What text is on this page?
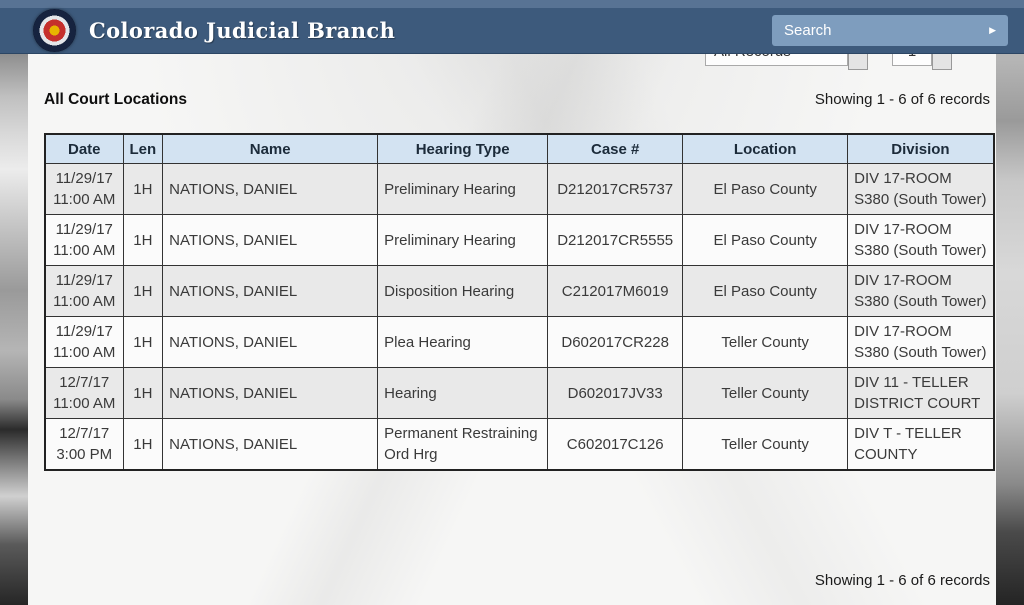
Colorado Judicial Branch	Search	▶
All Court Locations	Showing 1 - 6 of 6 records
Date	Len	Name	Hearing Type	Case #	Location	Division

11/29/17
11:00 AM	1H	NATIONS, DANIEL	Preliminary Hearing	D212017CR5737	El Paso County	DIV 17-ROOM S380 (South Tower)

11/29/17
11:00 AM	1H	NATIONS, DANIEL	Preliminary Hearing	D212017CR5555	El Paso County	DIV 17-ROOM S380 (South Tower)

11/29/17
11:00 AM	1H	NATIONS, DANIEL	Disposition Hearing	C212017M6019	El Paso County	DIV 17-ROOM S380 (South Tower)

11/29/17
11:00 AM	1H	NATIONS, DANIEL	Plea Hearing	D602017CR228	Teller County	DIV 17-ROOM S380 (South Tower)

12/7/17
11:00 AM	1H	NATIONS, DANIEL	Hearing	D602017JV33	Teller County	DIV 11 - TELLER DISTRICT COURT

12/7/17
3:00 PM	1H	NATIONS, DANIEL	Permanent Restraining Ord Hrg	C602017C126	Teller County	DIV T - TELLER COUNTY
Showing 1 - 6 of 6 records
